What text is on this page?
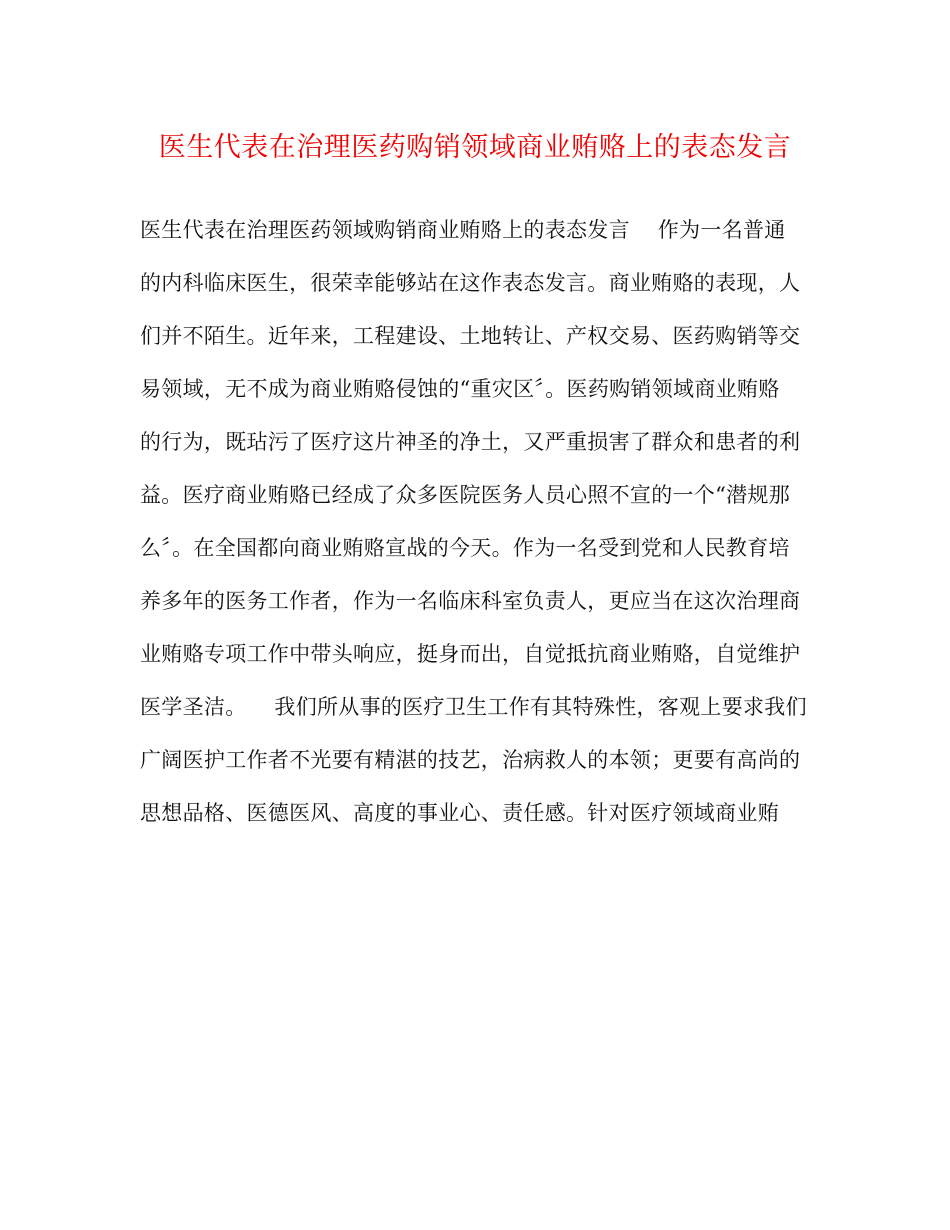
医生代表在治理医药购销领域商业贿赂上的表态发言
医生代表在治理医药领域购销商业贿赂上的表态发言    作为一名普通
的内科临床医生，很荣幸能够站在这作表态发言。商业贿赂的表现，人
们并不陌生。近年来，工程建设、土地转让、产权交易、医药购销等交
易领域，无不成为商业贿赂侵蚀的“重灾区〞。医药购销领域商业贿赂
的行为，既玷污了医疗这片神圣的净土，又严重损害了群众和患者的利
益。医疗商业贿赂已经成了众多医院医务人员心照不宣的一个“潜规那
么〞。在全国都向商业贿赂宣战的今天。作为一名受到党和人民教育培
养多年的医务工作者，作为一名临床科室负责人，更应当在这次治理商
业贿赂专项工作中带头响应，挺身而出，自觉抵抗商业贿赂，自觉维护
医学圣洁。    我们所从事的医疗卫生工作有其特殊性，客观上要求我们
广阔医护工作者不光要有精湛的技艺，治病救人的本领；更要有高尚的
思想品格、医德医风、高度的事业心、责任感。针对医疗领域商业贿
